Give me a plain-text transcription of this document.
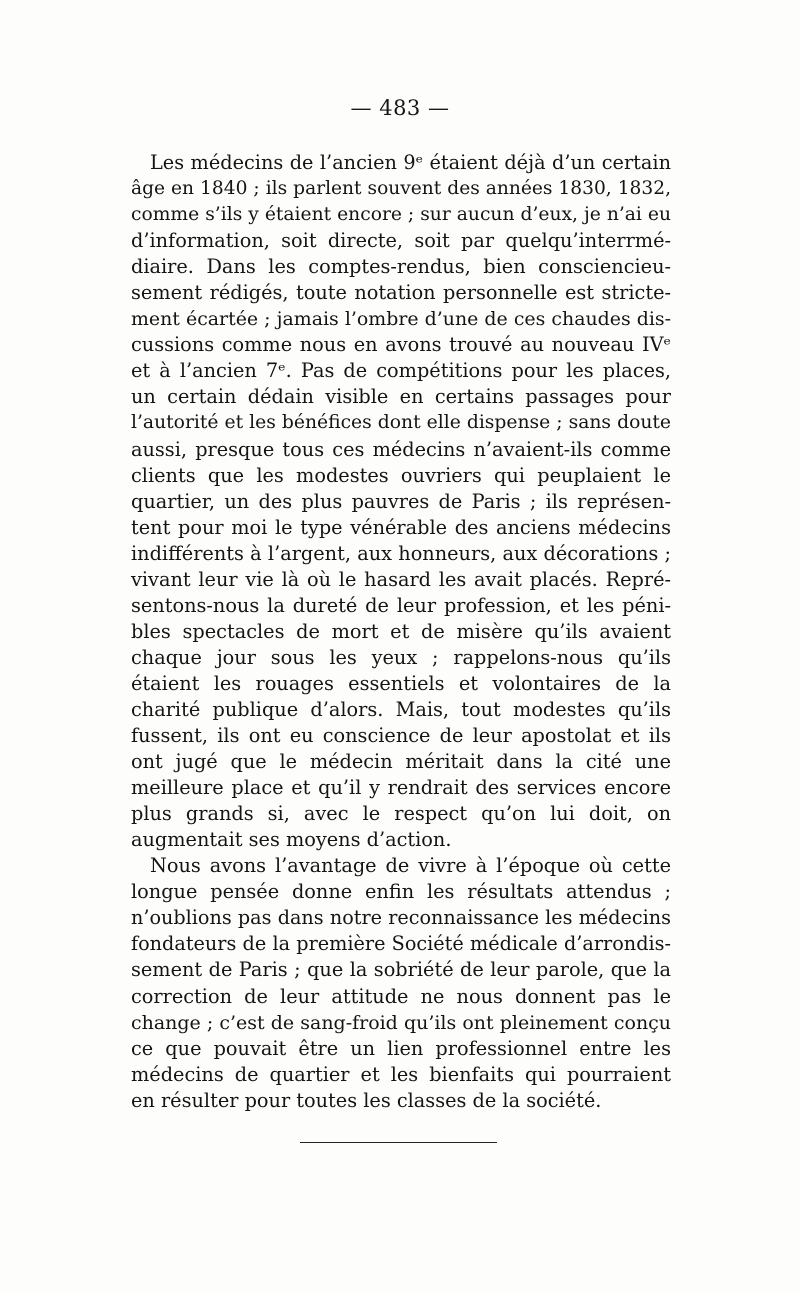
— 483 —
Les médecins de l’ancien 9ᵉ étaient déjà d’un certain
âge en 1840 ; ils parlent souvent des années 1830, 1832,
comme s’ils y étaient encore ; sur aucun d’eux, je n’ai eu
d’information, soit directe, soit par quelqu’interrmé-
diaire. Dans les comptes-rendus, bien consciencieu-
sement rédigés, toute notation personnelle est stricte-
ment écartée ; jamais l’ombre d’une de ces chaudes dis-
cussions comme nous en avons trouvé au nouveau IVᵉ
et à l’ancien 7ᵉ. Pas de compétitions pour les places,
un certain dédain visible en certains passages pour
l’autorité et les bénéfices dont elle dispense ; sans doute
aussi, presque tous ces médecins n’avaient-ils comme
clients que les modestes ouvriers qui peuplaient le
quartier, un des plus pauvres de Paris ; ils représen-
tent pour moi le type vénérable des anciens médecins
indifférents à l’argent, aux honneurs, aux décorations ;
vivant leur vie là où le hasard les avait placés. Repré-
sentons-nous la dureté de leur profession, et les péni-
bles spectacles de mort et de misère qu’ils avaient
chaque jour sous les yeux ; rappelons-nous qu’ils
étaient les rouages essentiels et volontaires de la
charité publique d’alors. Mais, tout modestes qu’ils
fussent, ils ont eu conscience de leur apostolat et ils
ont jugé que le médecin méritait dans la cité une
meilleure place et qu’il y rendrait des services encore
plus grands si, avec le respect qu’on lui doit, on
augmentait ses moyens d’action.
Nous avons l’avantage de vivre à l’époque où cette
longue pensée donne enfin les résultats attendus ;
n’oublions pas dans notre reconnaissance les médecins
fondateurs de la première Société médicale d’arrondis-
sement de Paris ; que la sobriété de leur parole, que la
correction de leur attitude ne nous donnent pas le
change ; c’est de sang-froid qu’ils ont pleinement conçu
ce que pouvait être un lien professionnel entre les
médecins de quartier et les bienfaits qui pourraient
en résulter pour toutes les classes de la société.
